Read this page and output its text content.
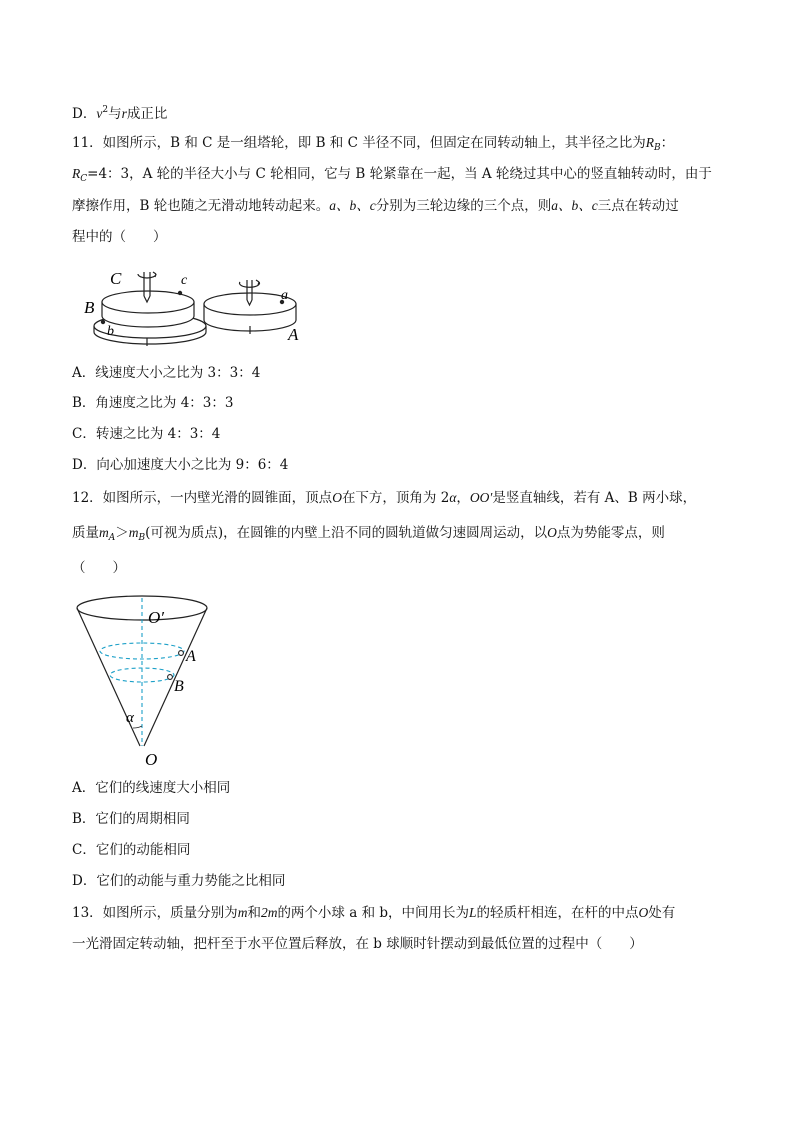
D．$v^2$与r成正比
11．如图所示，B 和 C 是一组塔轮，即 B 和 C 半径不同，但固定在同转动轴上，其半径之比为$R_B$：
$R_C=4$：3，A 轮的半径大小与 C 轮相同，它与 B 轮紧靠在一起，当 A 轮绕过其中心的竖直轴转动时，由于
摩擦作用，B 轮也随之无滑动地转动起来。a、b、c分别为三轮边缘的三个点，则a、b、c三点在转动过
程中的（　　）
C	c
a
B
b	A
A．线速度大小之比为 3：3：4
B．角速度之比为 4：3：3
C．转速之比为 4：3：4
D．向心加速度大小之比为 9：6：4
12．如图所示，一内壁光滑的圆锥面，顶点O在下方，顶角为 2α，OO′是竖直轴线，若有 A、B 两小球，
质量$m_A>m_B$(可视为质点)，在圆锥的内壁上沿不同的圆轨道做匀速圆周运动，以O点为势能零点，则
（　　）
O′
A
B
α
O
A．它们的线速度大小相同
B．它们的周期相同
C．它们的动能相同
D．它们的动能与重力势能之比相同
13．如图所示，质量分别为m和2m的两个小球 a 和 b，中间用长为L的轻质杆相连，在杆的中点O处有
一光滑固定转动轴，把杆至于水平位置后释放，在 b 球顺时针摆动到最低位置的过程中（　　）
